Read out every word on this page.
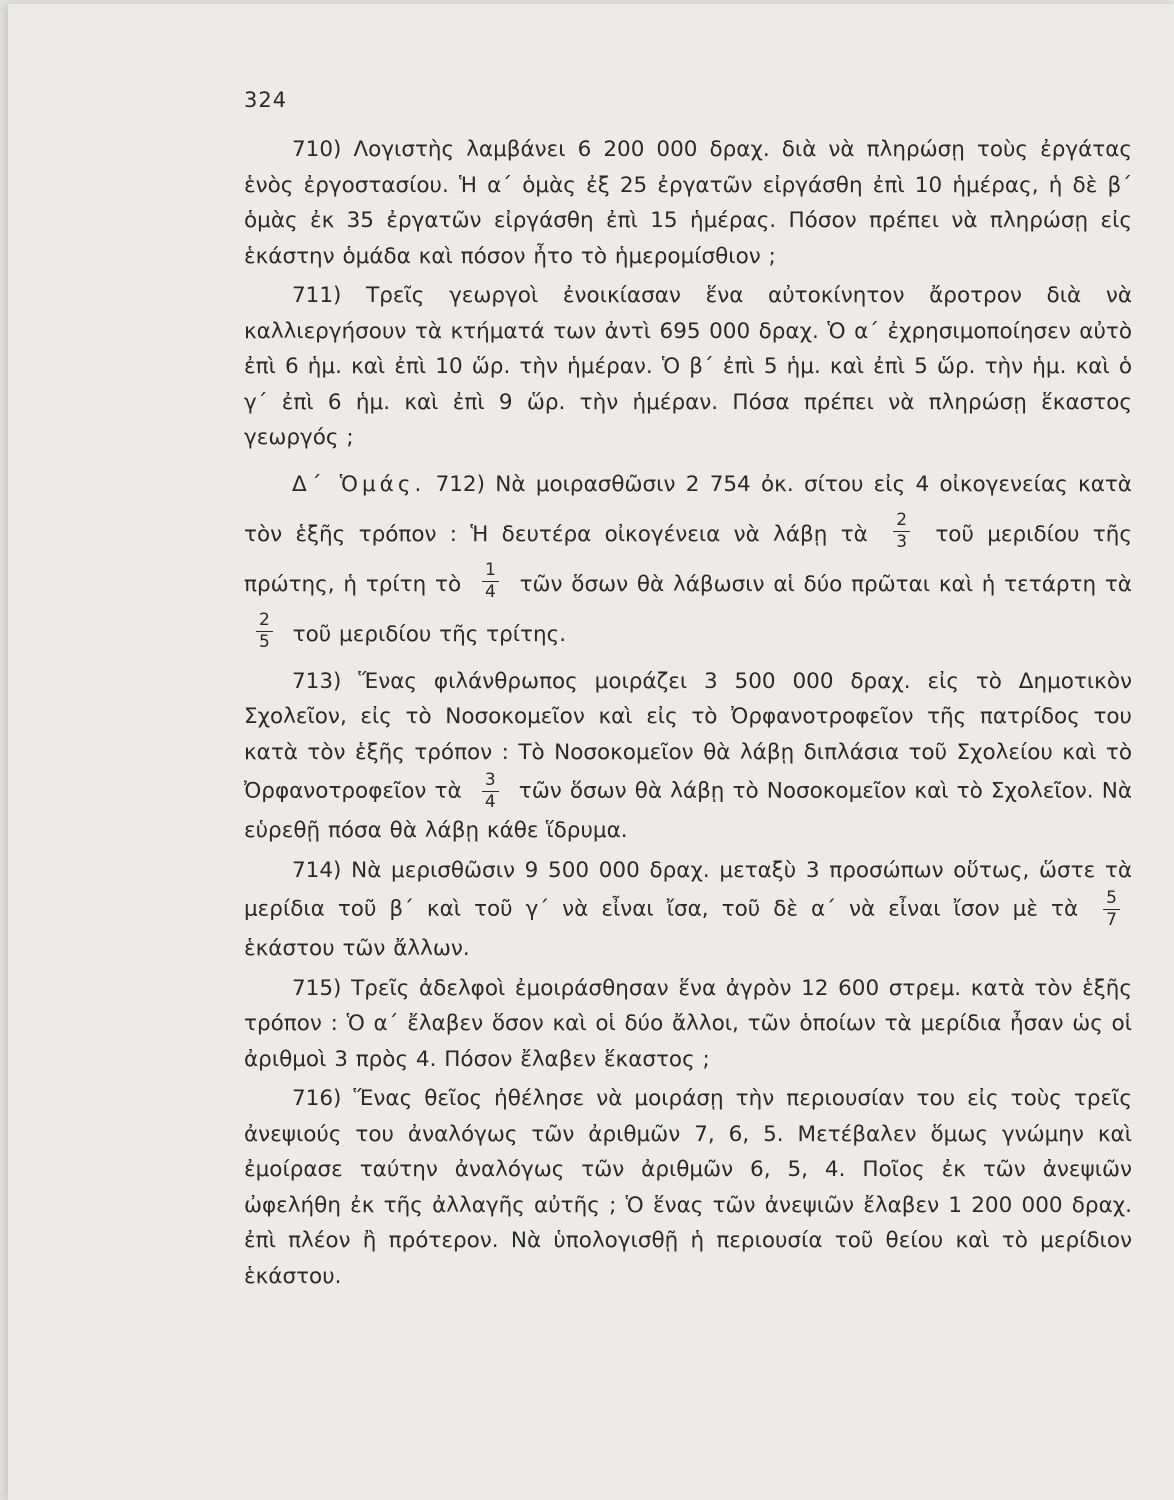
324

710) Λογιστὴς λαμβάνει 6 200 000 δραχ. διὰ νὰ πληρώσῃ τοὺς ἐργάτας ἑνὸς ἐργοστασίου. Ἡ α΄ ὁμὰς ἐξ 25 ἐργατῶν εἰργάσθη ἐπὶ 10 ἡμέρας, ἡ δὲ β΄ ὁμὰς ἐκ 35 ἐργατῶν εἰργάσθη ἐπὶ 15 ἡμέρας. Πόσον πρέπει νὰ πληρώσῃ εἰς ἑκάστην ὁμάδα καὶ πόσον ἦτο τὸ ἡμερομίσθιον ;

711) Τρεῖς γεωργοὶ ἐνοικίασαν ἕνα αὐτοκίνητον ἄροτρον διὰ νὰ καλλιεργήσουν τὰ κτήματά των ἀντὶ 695 000 δραχ. Ὁ α΄ ἐχρησιμοποίησεν αὐτὸ ἐπὶ 6 ἡμ. καὶ ἐπὶ 10 ὥρ. τὴν ἡμέραν. Ὁ β΄ ἐπὶ 5 ἡμ. καὶ ἐπὶ 5 ὥρ. τὴν ἡμ. καὶ ὁ γ΄ ἐπὶ 6 ἡμ. καὶ ἐπὶ 9 ὥρ. τὴν ἡμέραν. Πόσα πρέπει νὰ πληρώσῃ ἕκαστος γεωργός ;

Δ΄ Ὁμάς. 712) Νὰ μοιρασθῶσιν 2 754 ὀκ. σίτου εἰς 4 οἰκογενείας κατὰ τὸν ἑξῆς τρόπον : Ἡ δευτέρα οἰκογένεια νὰ λάβῃ τὰ $\frac{2}{3}$ τοῦ μεριδίου τῆς πρώτης, ἡ τρίτη τὸ $\frac{1}{4}$ τῶν ὅσων θὰ λάβωσιν αἱ δύο πρῶται καὶ ἡ τετάρτη τὰ
$\frac{2}{5}$ τοῦ μεριδίου τῆς τρίτης.

713) Ἕνας φιλάνθρωπος μοιράζει 3 500 000 δραχ. εἰς τὸ Δημοτικὸν Σχολεῖον, εἰς τὸ Νοσοκομεῖον καὶ εἰς τὸ Ὀρφανοτροφεῖον τῆς πατρίδος του κατὰ τὸν ἑξῆς τρόπον : Τὸ Νοσοκομεῖον θὰ λάβῃ διπλάσια τοῦ Σχολείου καὶ τὸ Ὀρφανοτροφεῖον τὰ $\frac{3}{4}$ τῶν ὅσων θὰ λάβῃ τὸ Νοσοκομεῖον καὶ τὸ Σχολεῖον. Νὰ εὑρεθῇ πόσα θὰ λάβῃ κάθε ἵδρυμα.

714) Νὰ μερισθῶσιν 9 500 000 δραχ. μεταξὺ 3 προσώπων οὕτως, ὥστε τὰ μερίδια τοῦ β΄ καὶ τοῦ γ΄ νὰ εἶναι ἴσα, τοῦ δὲ α΄ νὰ εἶναι ἴσον μὲ τὰ $\frac{5}{7}$
ἑκάστου τῶν ἄλλων.

715) Τρεῖς ἀδελφοὶ ἐμοιράσθησαν ἕνα ἀγρὸν 12 600 στρεμ. κατὰ τὸν ἑξῆς τρόπον : Ὁ α΄ ἔλαβεν ὅσον καὶ οἱ δύο ἄλλοι, τῶν ὁποίων τὰ μερίδια ἦσαν ὡς οἱ ἀριθμοὶ 3 πρὸς 4. Πόσον ἔλαβεν ἕκαστος ;

716) Ἕνας θεῖος ἠθέλησε νὰ μοιράσῃ τὴν περιουσίαν του εἰς τοὺς τρεῖς ἀνεψιούς του ἀναλόγως τῶν ἀριθμῶν 7, 6, 5. Μετέβαλεν ὅμως γνώμην καὶ ἐμοίρασε ταύτην ἀναλόγως τῶν ἀριθμῶν 6, 5, 4. Ποῖος ἐκ τῶν ἀνεψιῶν ὠφελήθη ἐκ τῆς ἀλλαγῆς αὐτῆς ; Ὁ ἕνας τῶν ἀνεψιῶν ἔλαβεν 1 200 000 δραχ. ἐπὶ πλέον ἢ πρότερον. Νὰ ὑπολογισθῇ ἡ περιουσία τοῦ θείου καὶ τὸ μερίδιον ἑκάστου.
